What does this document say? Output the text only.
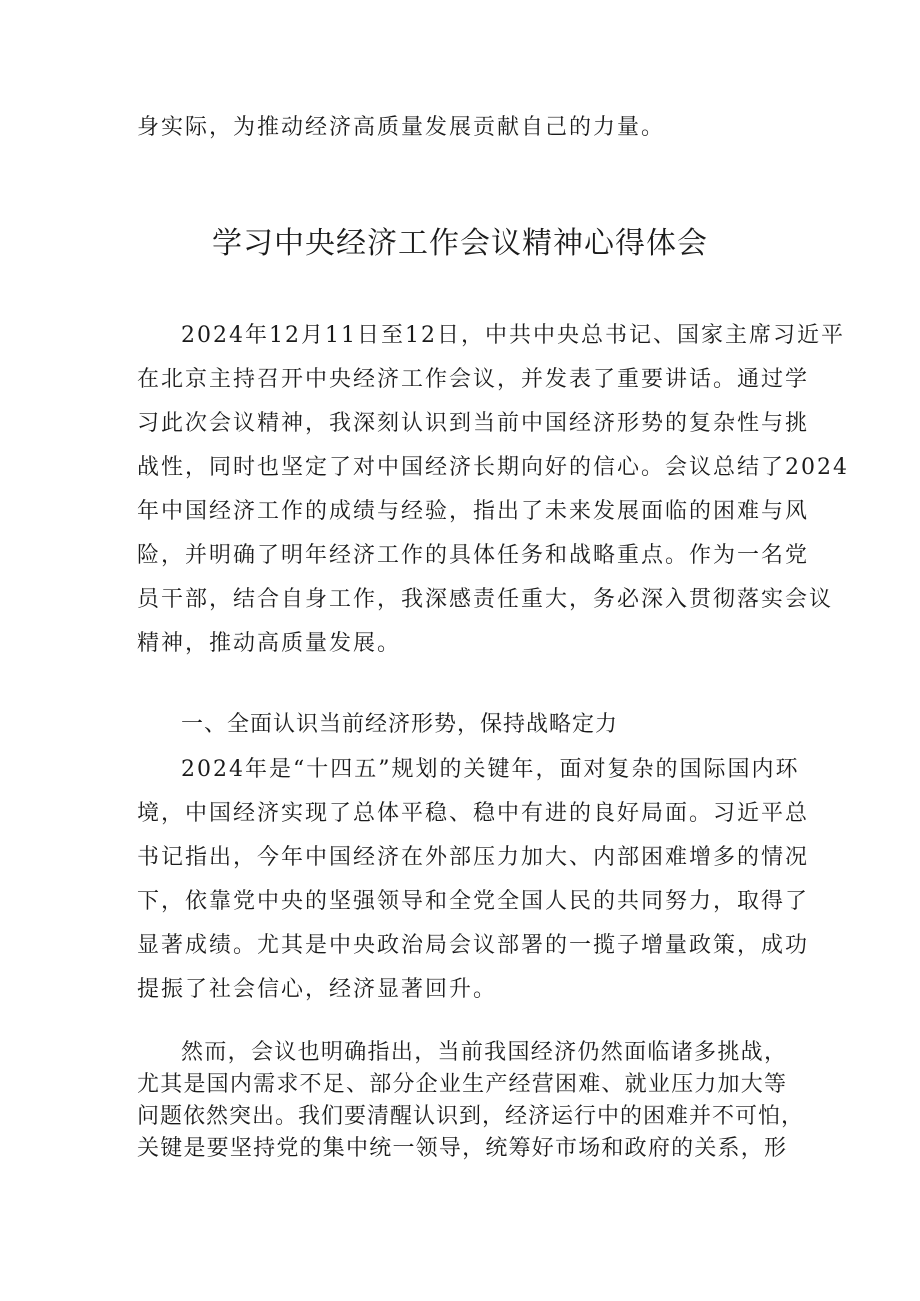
身实际，为推动经济高质量发展贡献自己的力量。
学习中央经济工作会议精神心得体会
2024年12月11日至12日，中共中央总书记、国家主席习近平
在北京主持召开中央经济工作会议，并发表了重要讲话。通过学
习此次会议精神，我深刻认识到当前中国经济形势的复杂性与挑
战性，同时也坚定了对中国经济长期向好的信心。会议总结了2024
年中国经济工作的成绩与经验，指出了未来发展面临的困难与风
险，并明确了明年经济工作的具体任务和战略重点。作为一名党
员干部，结合自身工作，我深感责任重大，务必深入贯彻落实会议
精神，推动高质量发展。
一、全面认识当前经济形势，保持战略定力
2024年是“十四五”规划的关键年，面对复杂的国际国内环
境，中国经济实现了总体平稳、稳中有进的良好局面。习近平总
书记指出，今年中国经济在外部压力加大、内部困难增多的情况
下，依靠党中央的坚强领导和全党全国人民的共同努力，取得了
显著成绩。尤其是中央政治局会议部署的一揽子增量政策，成功
提振了社会信心，经济显著回升。
然而，会议也明确指出，当前我国经济仍然面临诸多挑战，
尤其是国内需求不足、部分企业生产经营困难、就业压力加大等
问题依然突出。我们要清醒认识到，经济运行中的困难并不可怕，
关键是要坚持党的集中统一领导，统筹好市场和政府的关系，形
